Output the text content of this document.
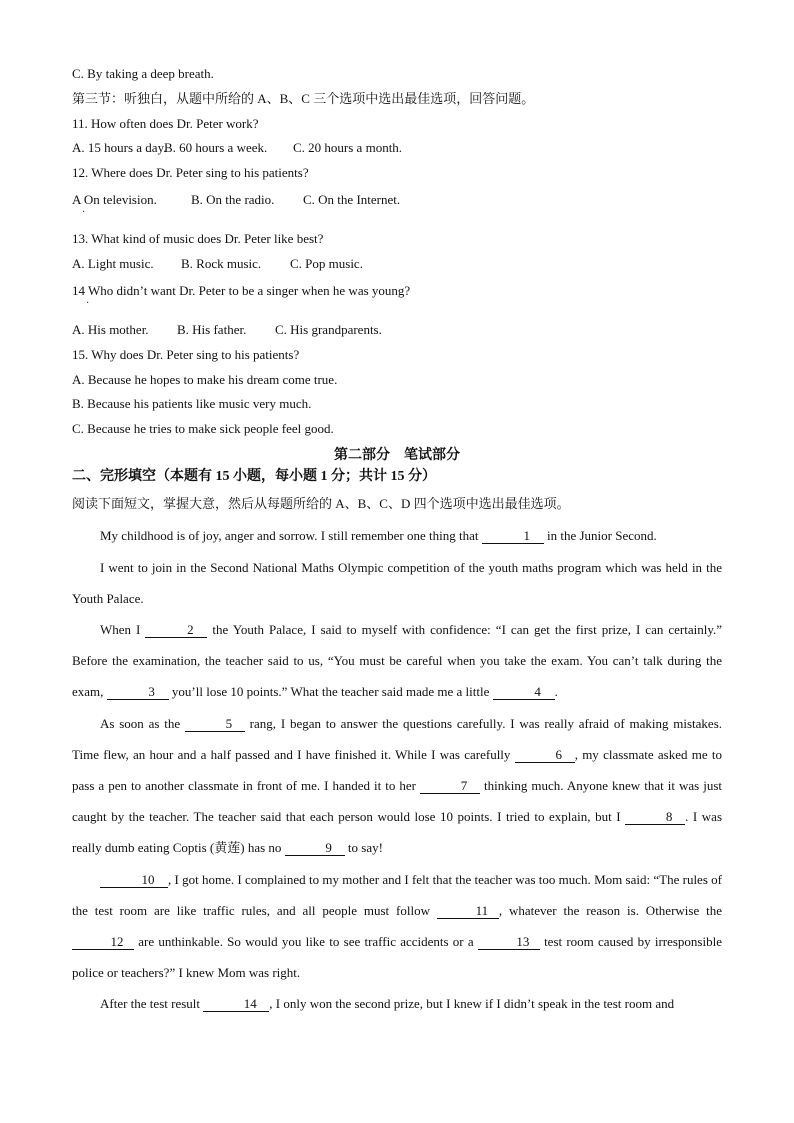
C. By taking a deep breath.
第三节：听独白，从题中所给的 A、B、C 三个选项中选出最佳选项，回答问题。
11. How often does Dr. Peter work?
A. 15 hours a day.B. 60 hours a week. C. 20 hours a month.
12. Where does Dr. Peter sing to his patients?
A On television.	B. On the radio. C. On the Internet.
·
13. What kind of music does Dr. Peter like best?
A. Light music. B. Rock music. C. Pop music.
14 Who didn’t want Dr. Peter to be a singer when he was young?
·
A. His mother. B. His father. C. His grandparents.
15. Why does Dr. Peter sing to his patients?
A. Because he hopes to make his dream come true.
B. Because his patients like music very much.
C. Because he tries to make sick people feel good.
第二部分　笔试部分
二、完形填空（本题有 15 小题，每小题 1 分；共计 15 分）
阅读下面短文，掌握大意，然后从每题所给的 A、B、C、D 四个选项中选出最佳选项。
My childhood is of joy, anger and sorrow. I still remember one thing that	1 in the Junior Second.
I went to join in the Second National Maths Olympic competition of the youth maths program which was held in the Youth Palace.
When I	2 the Youth Palace, I said to myself with confidence: “I can get the first prize, I can certainly.” Before the examination, the teacher said to us, “You must be careful when you take the exam. You can’t talk during the exam,	3 you’ll lose 10 points.” What the teacher said made me a little	4 .
As soon as the	5 rang, I began to answer the questions carefully. I was really afraid of making mistakes. Time flew, an hour and a half passed and I have finished it. While I was carefully	6 , my classmate asked me to pass a pen to another classmate in front of me. I handed it to her	7 thinking much. Anyone knew that it was just caught by the teacher. The teacher said that each person would lose 10 points. I tried to explain, but I	8 . I was really dumb eating Coptis (黄莲) has no	9 to say!
10 , I got home. I complained to my mother and I felt that the teacher was too much. Mom said: “The rules of the test room are like traffic rules, and all people must follow	11 , whatever the reason is. Otherwise the 12 are unthinkable. So would you like to see traffic accidents or a	13 test room caused by irresponsible police or teachers?” I knew Mom was right.
After the test result	14 , I only won the second prize, but I knew if I didn’t speak in the test room and
